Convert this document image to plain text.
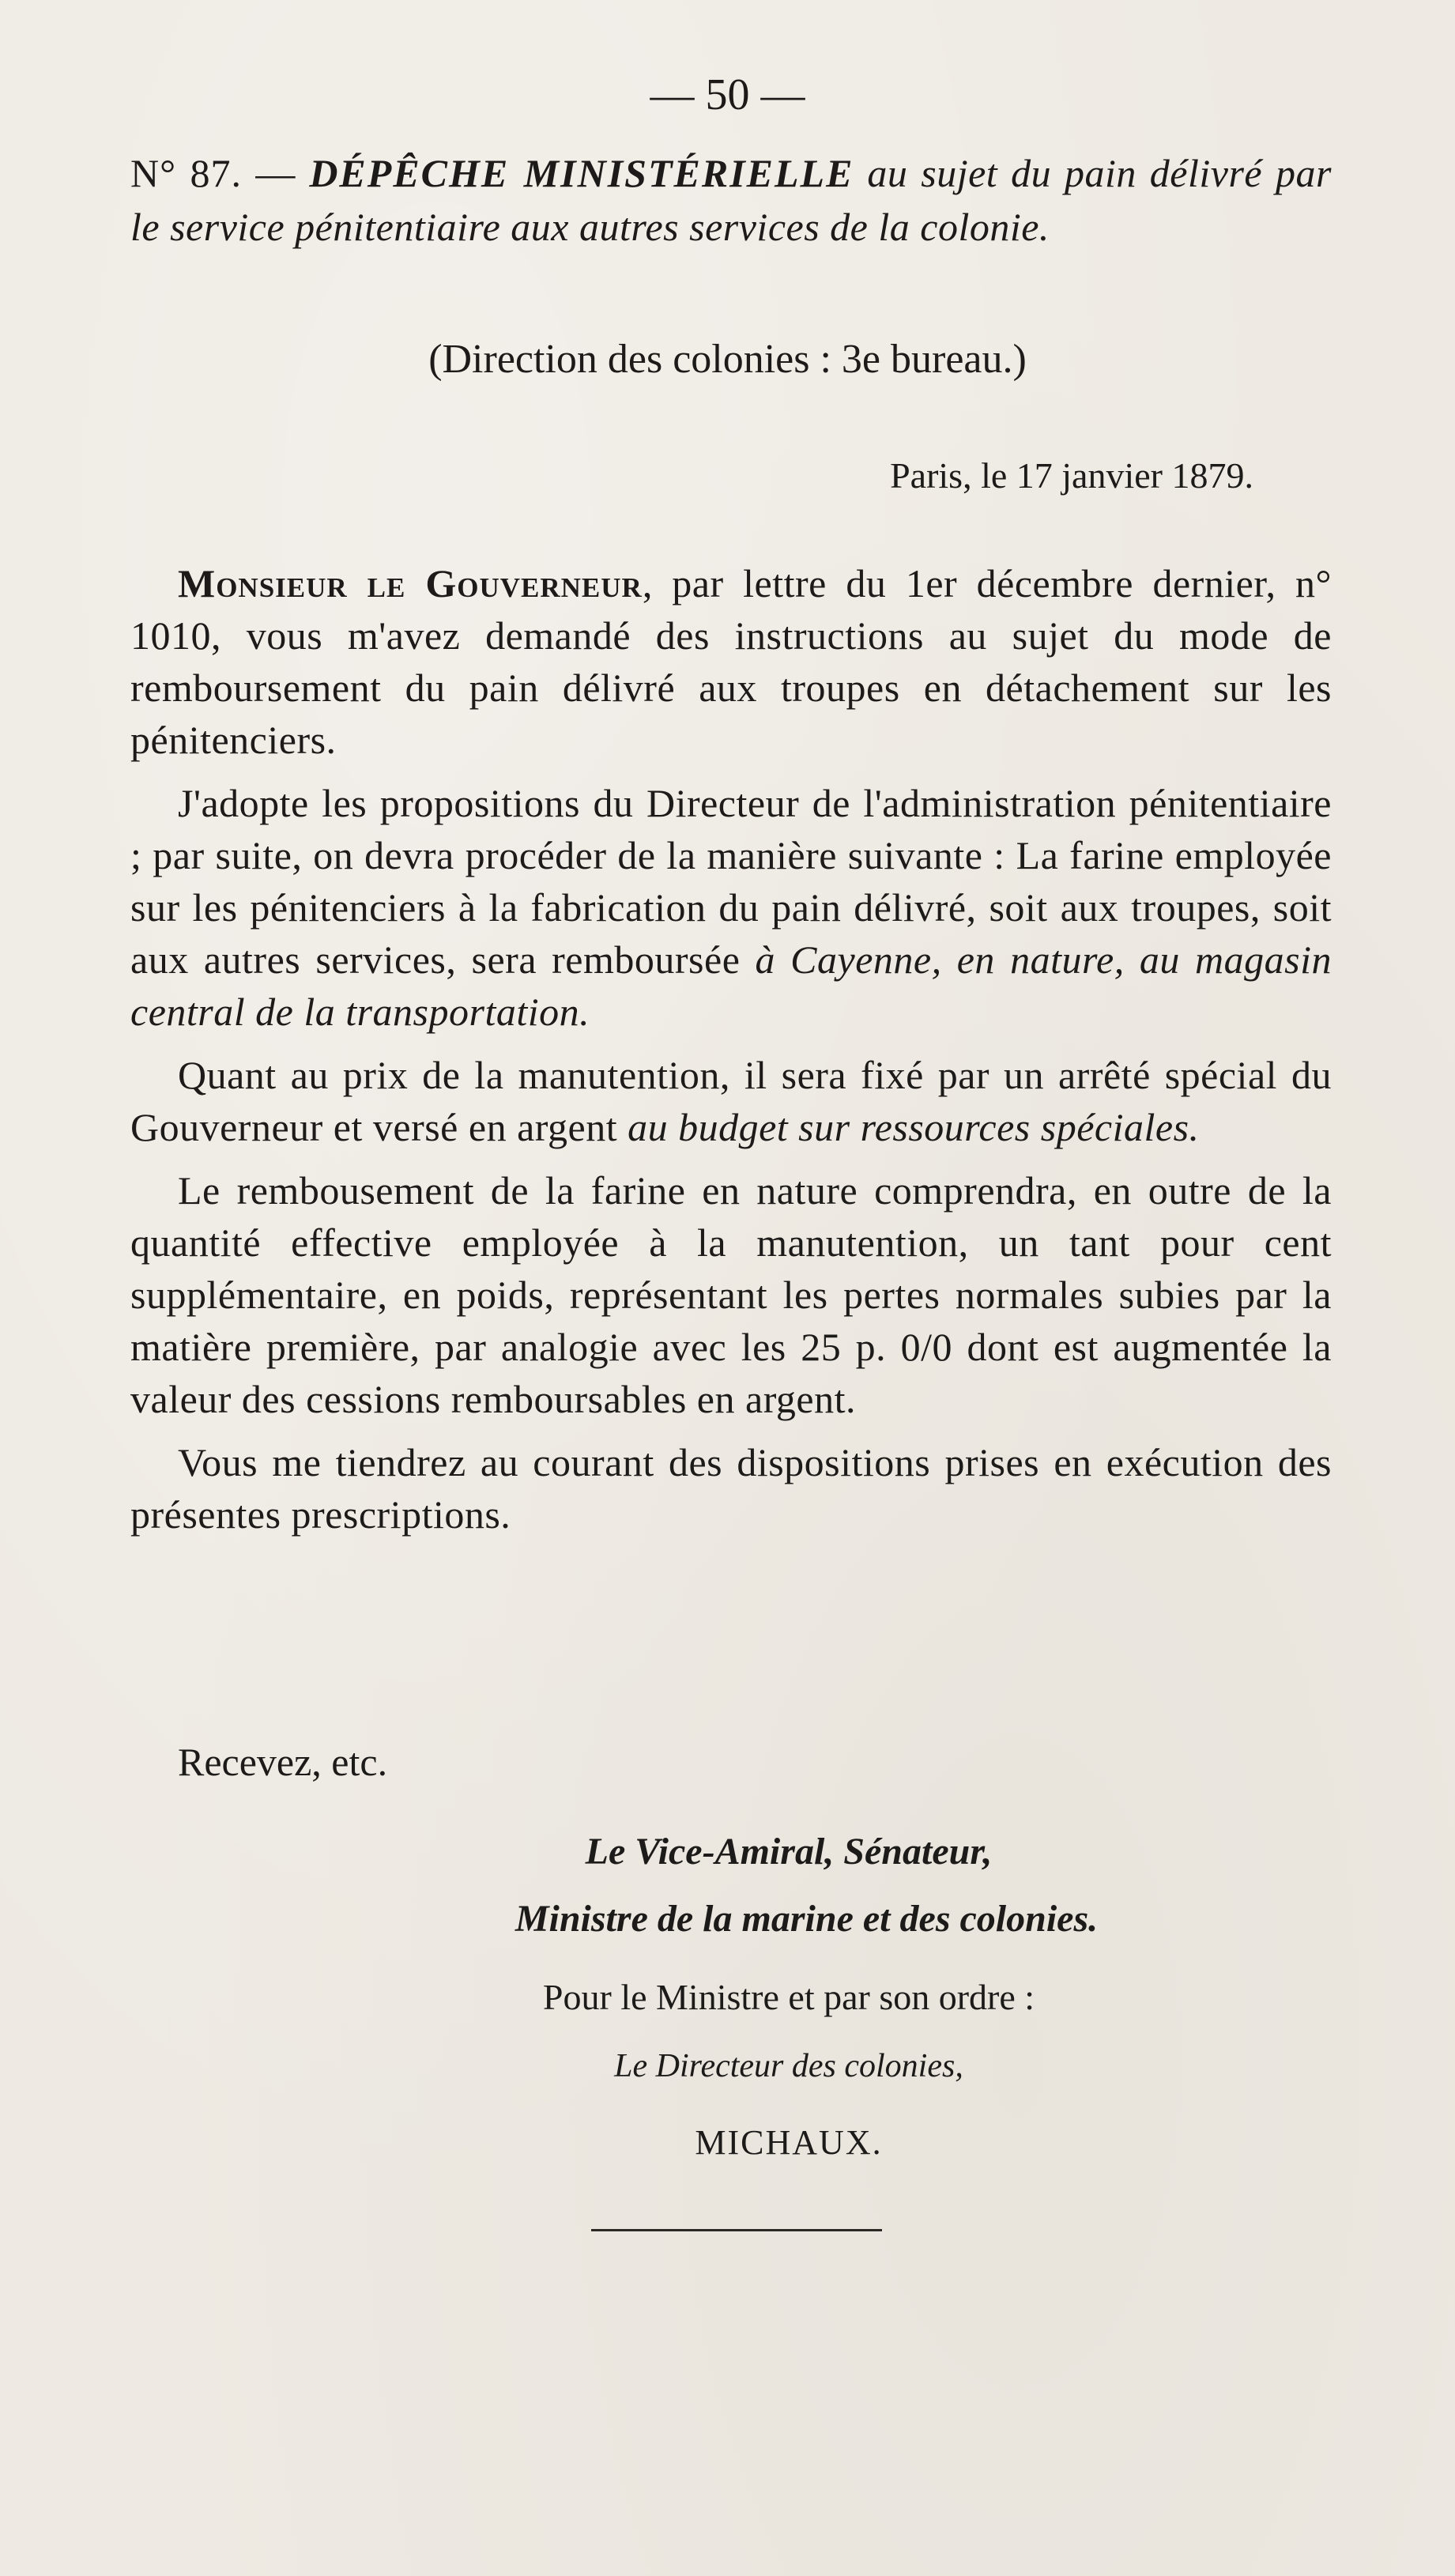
— 50 —
N° 87. — DÉPÊCHE MINISTÉRIELLE au sujet du pain délivré par le service pénitentiaire aux autres services de la colonie.
(Direction des colonies : 3e bureau.)
Paris, le 17 janvier 1879.

Monsieur le Gouverneur, par lettre du 1er décembre dernier, n° 1010, vous m'avez demandé des instructions au sujet du mode de remboursement du pain délivré aux troupes en détachement sur les pénitenciers.

J'adopte les propositions du Directeur de l'administration pénitentiaire ; par suite, on devra procéder de la manière suivante : La farine employée sur les pénitenciers à la fabrication du pain délivré, soit aux troupes, soit aux autres services, sera remboursée à Cayenne, en nature, au magasin central de la transportation.

Quant au prix de la manutention, il sera fixé par un arrêté spécial du Gouverneur et versé en argent au budget sur ressources spéciales.

Le rembousement de la farine en nature comprendra, en outre de la quantité effective employée à la manutention, un tant pour cent supplémentaire, en poids, représentant les pertes normales subies par la matière première, par analogie avec les 25 p. 0/0 dont est augmentée la valeur des cessions remboursables en argent.

Vous me tiendrez au courant des dispositions prises en exécution des présentes prescriptions.

Recevez, etc.
Le Vice-Amiral, Sénateur,
Ministre de la marine et des colonies.
Pour le Ministre et par son ordre :
Le Directeur des colonies,
MICHAUX.
